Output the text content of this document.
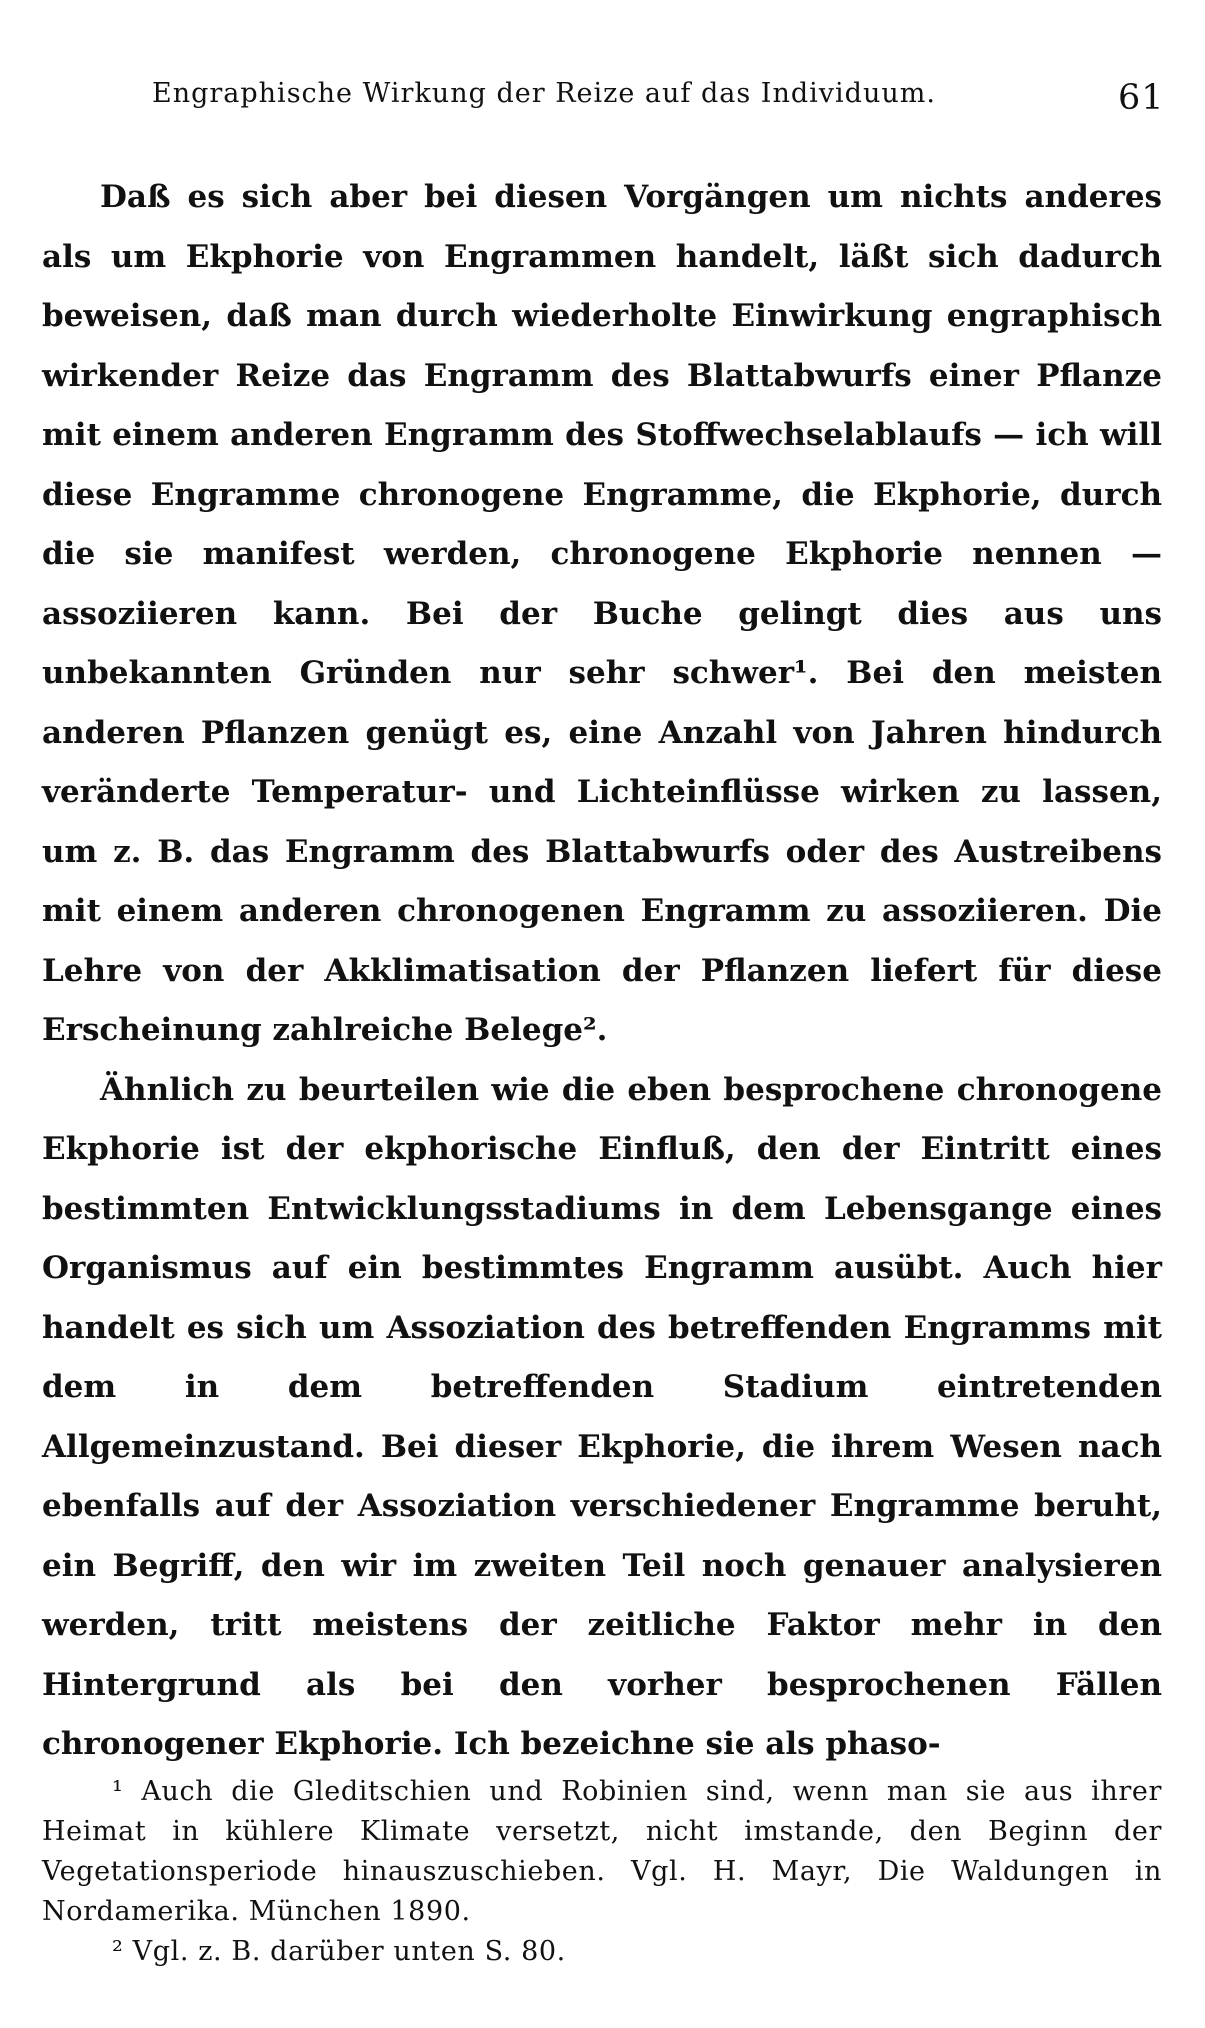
Engraphische Wirkung der Reize auf das Individuum.	61

Daß es sich aber bei diesen Vorgängen um nichts anderes als um Ekphorie von Engrammen handelt, läßt sich dadurch beweisen, daß man durch wiederholte Einwirkung engraphisch wirkender Reize das Engramm des Blattabwurfs einer Pflanze mit einem anderen Engramm des Stoffwechselablaufs — ich will diese Engramme chronogene Engramme, die Ekphorie, durch die sie manifest werden, chronogene Ekphorie nennen — assoziieren kann. Bei der Buche gelingt dies aus uns unbekannten Gründen nur sehr schwer¹. Bei den meisten anderen Pflanzen genügt es, eine Anzahl von Jahren hindurch veränderte Temperatur- und Lichteinflüsse wirken zu lassen, um z. B. das Engramm des Blattabwurfs oder des Austreibens mit einem anderen chronogenen Engramm zu assoziieren. Die Lehre von der Akklimatisation der Pflanzen liefert für diese Erscheinung zahlreiche Belege².

Ähnlich zu beurteilen wie die eben besprochene chronogene Ekphorie ist der ekphorische Einfluß, den der Eintritt eines bestimmten Entwicklungsstadiums in dem Lebensgange eines Organismus auf ein bestimmtes Engramm ausübt. Auch hier handelt es sich um Assoziation des betreffenden Engramms mit dem in dem betreffenden Stadium eintretenden Allgemeinzustand. Bei dieser Ekphorie, die ihrem Wesen nach ebenfalls auf der Assoziation verschiedener Engramme beruht, ein Begriff, den wir im zweiten Teil noch genauer analysieren werden, tritt meistens der zeitliche Faktor mehr in den Hintergrund als bei den vorher besprochenen Fällen chronogener Ekphorie. Ich bezeichne sie als phaso-

¹ Auch die Gleditschien und Robinien sind, wenn man sie aus ihrer Heimat in kühlere Klimate versetzt, nicht imstande, den Beginn der Vegetationsperiode hinauszuschieben. Vgl. H. Mayr, Die Waldungen in Nordamerika. München 1890.

² Vgl. z. B. darüber unten S. 80.
